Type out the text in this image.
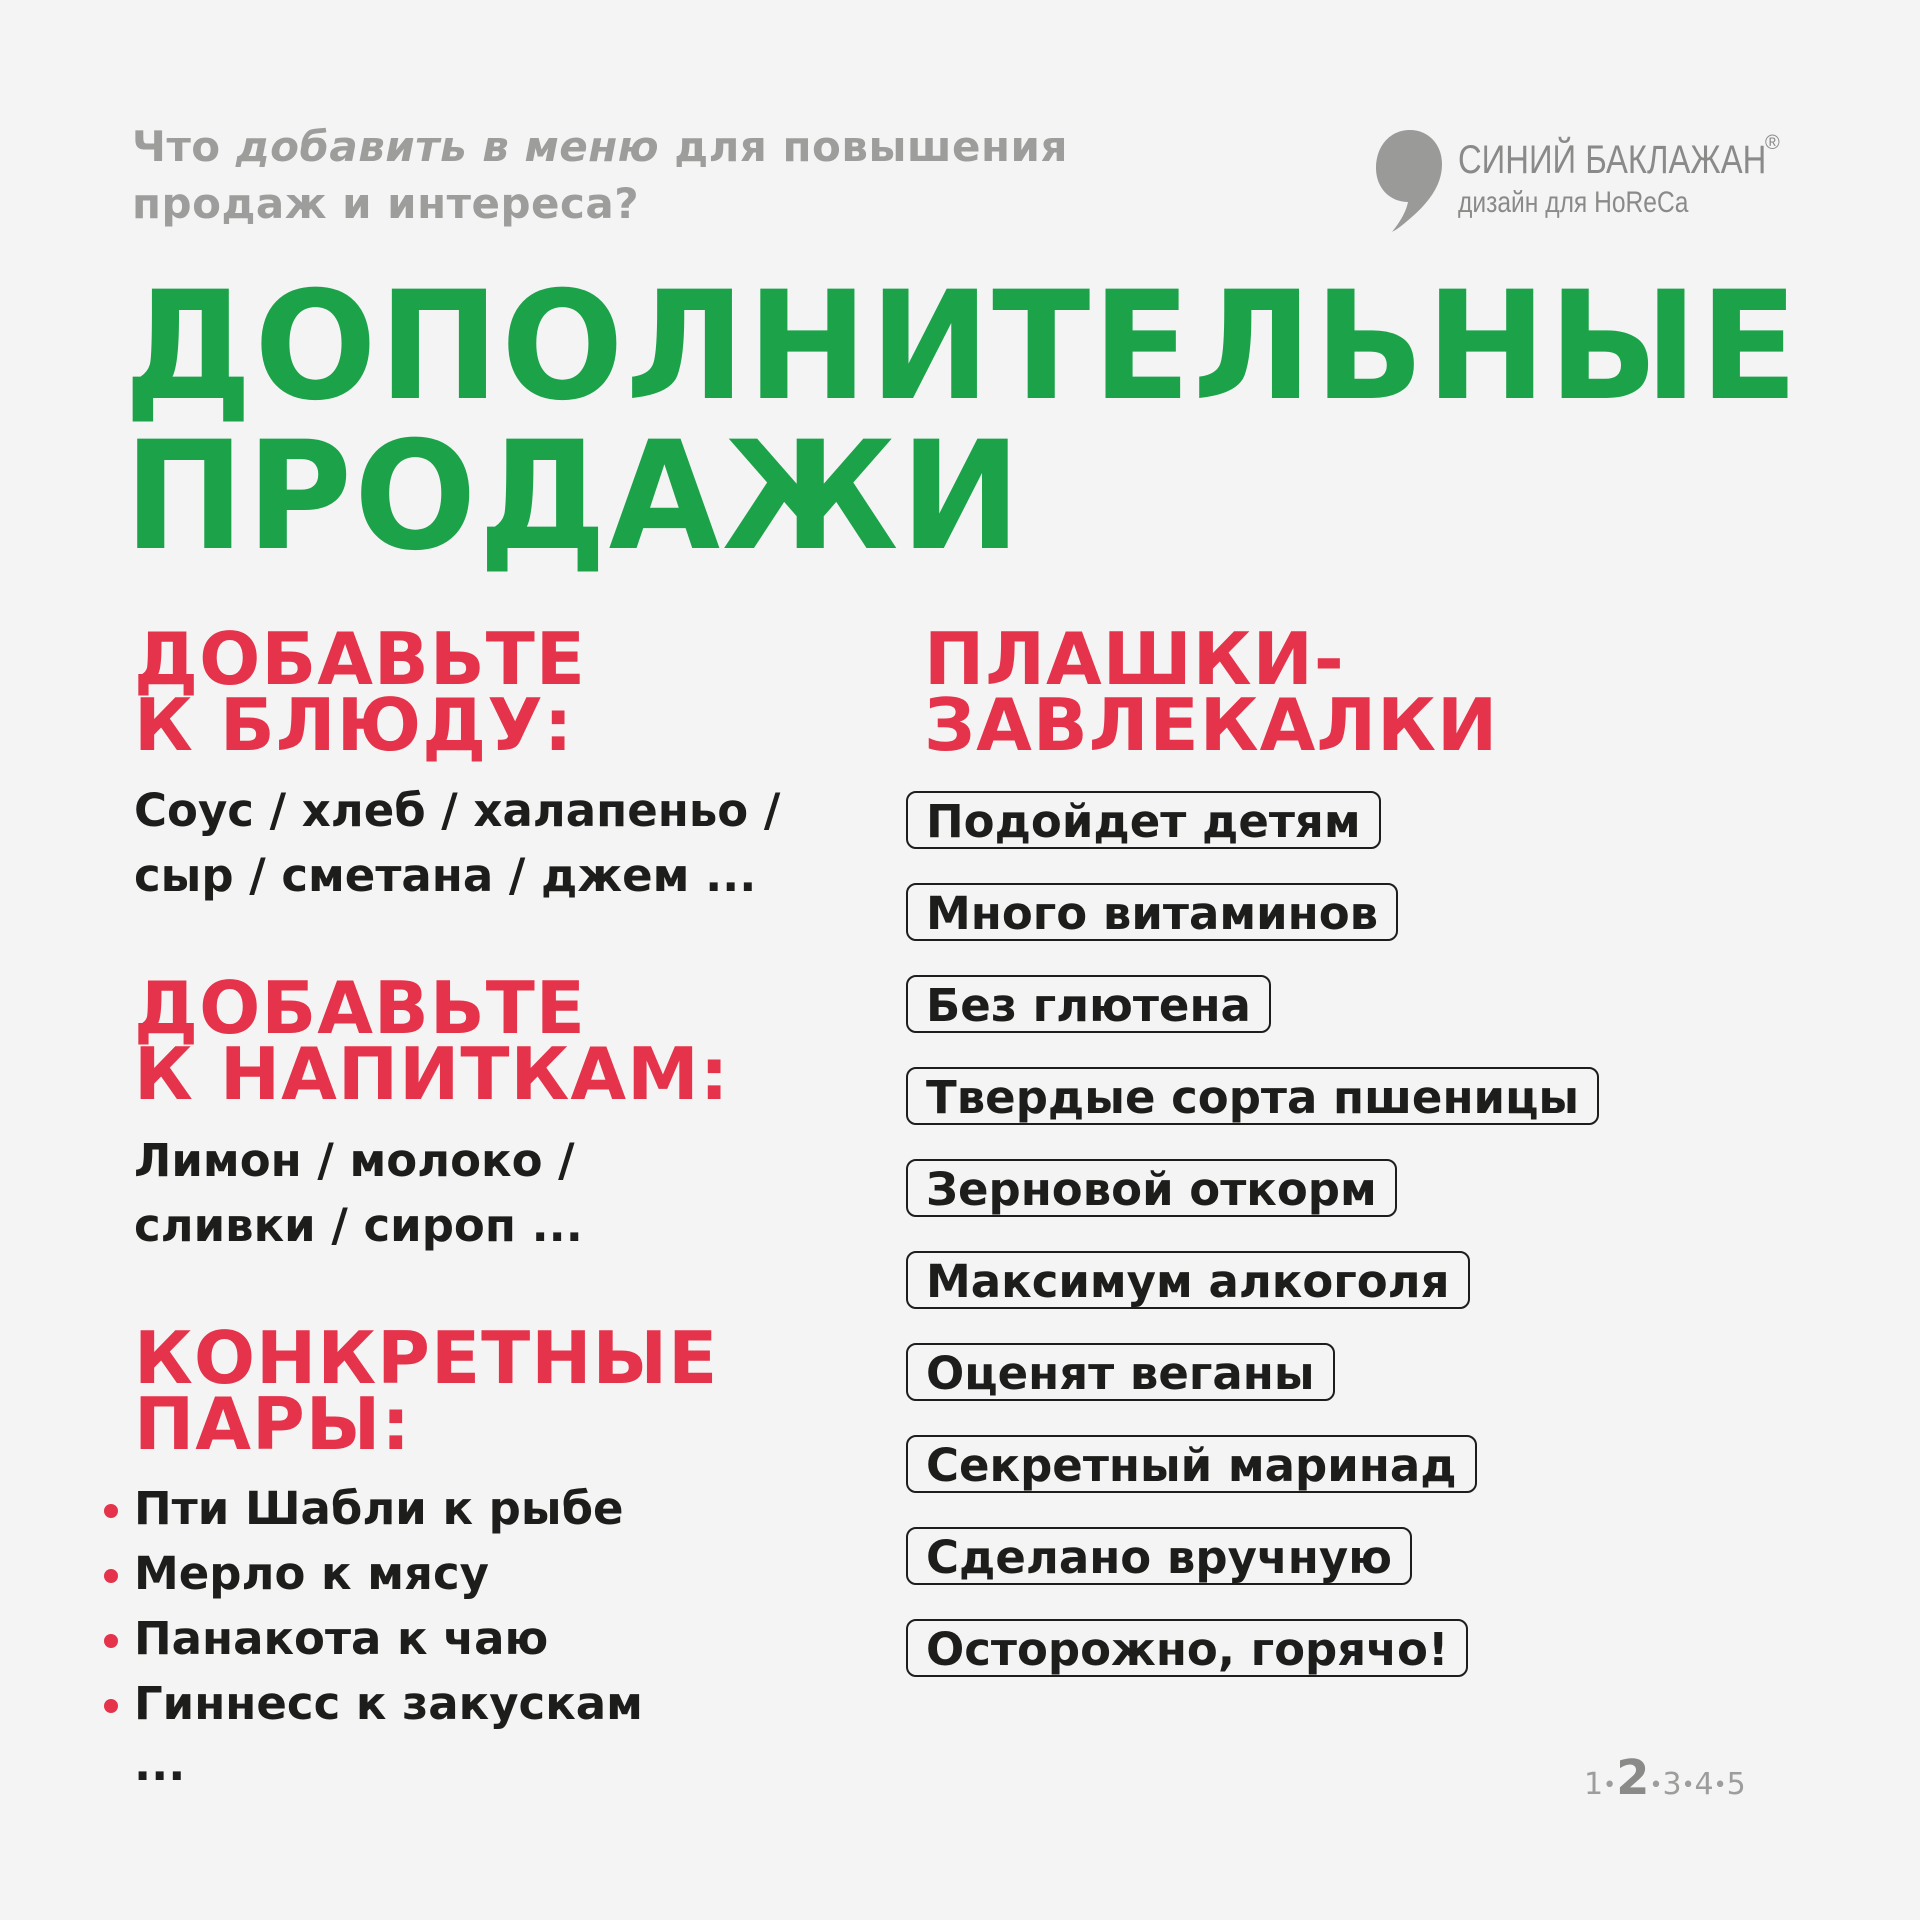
Что добавить в меню для повышения
продаж и интереса?
СИНИЙ БАКЛАЖАН
®
дизайн для HoReCa
ДОПОЛНИТЕЛЬНЫЕ
ПРОДАЖИ
ДОБАВЬТЕ
К БЛЮДУ:
Соус / хлеб / халапеньо /
сыр / сметана / джем ...
ДОБАВЬТЕ
К НАПИТКАМ:
Лимон / молоко /
сливки / сироп ...
КОНКРЕТНЫЕ
ПАРЫ:
Пти Шабли к рыбе
Мерло к мясу
Панакота к чаю
Гиннесс к закускам
...
ПЛАШКИ-
ЗАВЛЕКАЛКИ
Подойдет детям
Много витаминов
Без глютена
Твердые сорта пшеницы
Зерновой откорм
Максимум алкоголя
Оценят веганы
Секретный маринад
Сделано вручную
Осторожно, горячо!
1•2•3•4•5
